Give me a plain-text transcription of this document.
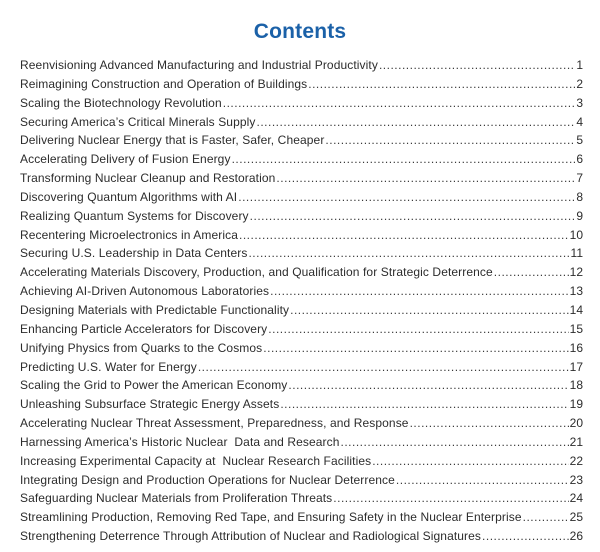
Contents
Reenvisioning Advanced Manufacturing and Industrial Productivity .....	1
Reimagining Construction and Operation of Buildings .....	2
Scaling the Biotechnology Revolution .....	3
Securing America’s Critical Minerals Supply .....	4
Delivering Nuclear Energy that is Faster, Safer, Cheaper .....	5
Accelerating Delivery of Fusion Energy .....	6
Transforming Nuclear Cleanup and Restoration .....	7
Discovering Quantum Algorithms with AI .....	8
Realizing Quantum Systems for Discovery .....	9
Recentering Microelectronics in America .....	10
Securing U.S. Leadership in Data Centers .....	11
Accelerating Materials Discovery, Production, and Qualification for Strategic Deterrence .....	12
Achieving AI-Driven Autonomous Laboratories .....	13
Designing Materials with Predictable Functionality .....	14
Enhancing Particle Accelerators for Discovery .....	15
Unifying Physics from Quarks to the Cosmos .....	16
Predicting U.S. Water for Energy .....	17
Scaling the Grid to Power the American Economy .....	18
Unleashing Subsurface Strategic Energy Assets .....	19
Accelerating Nuclear Threat Assessment, Preparedness, and Response .....	20
Harnessing America’s Historic Nuclear  Data and Research .....	21
Increasing Experimental Capacity at  Nuclear Research Facilities .....	22
Integrating Design and Production Operations for Nuclear Deterrence .....	23
Safeguarding Nuclear Materials from Proliferation Threats .....	24
Streamlining Production, Removing Red Tape, and Ensuring Safety in the Nuclear Enterprise .....	25
Strengthening Deterrence Through Attribution of Nuclear and Radiological Signatures .....	26
